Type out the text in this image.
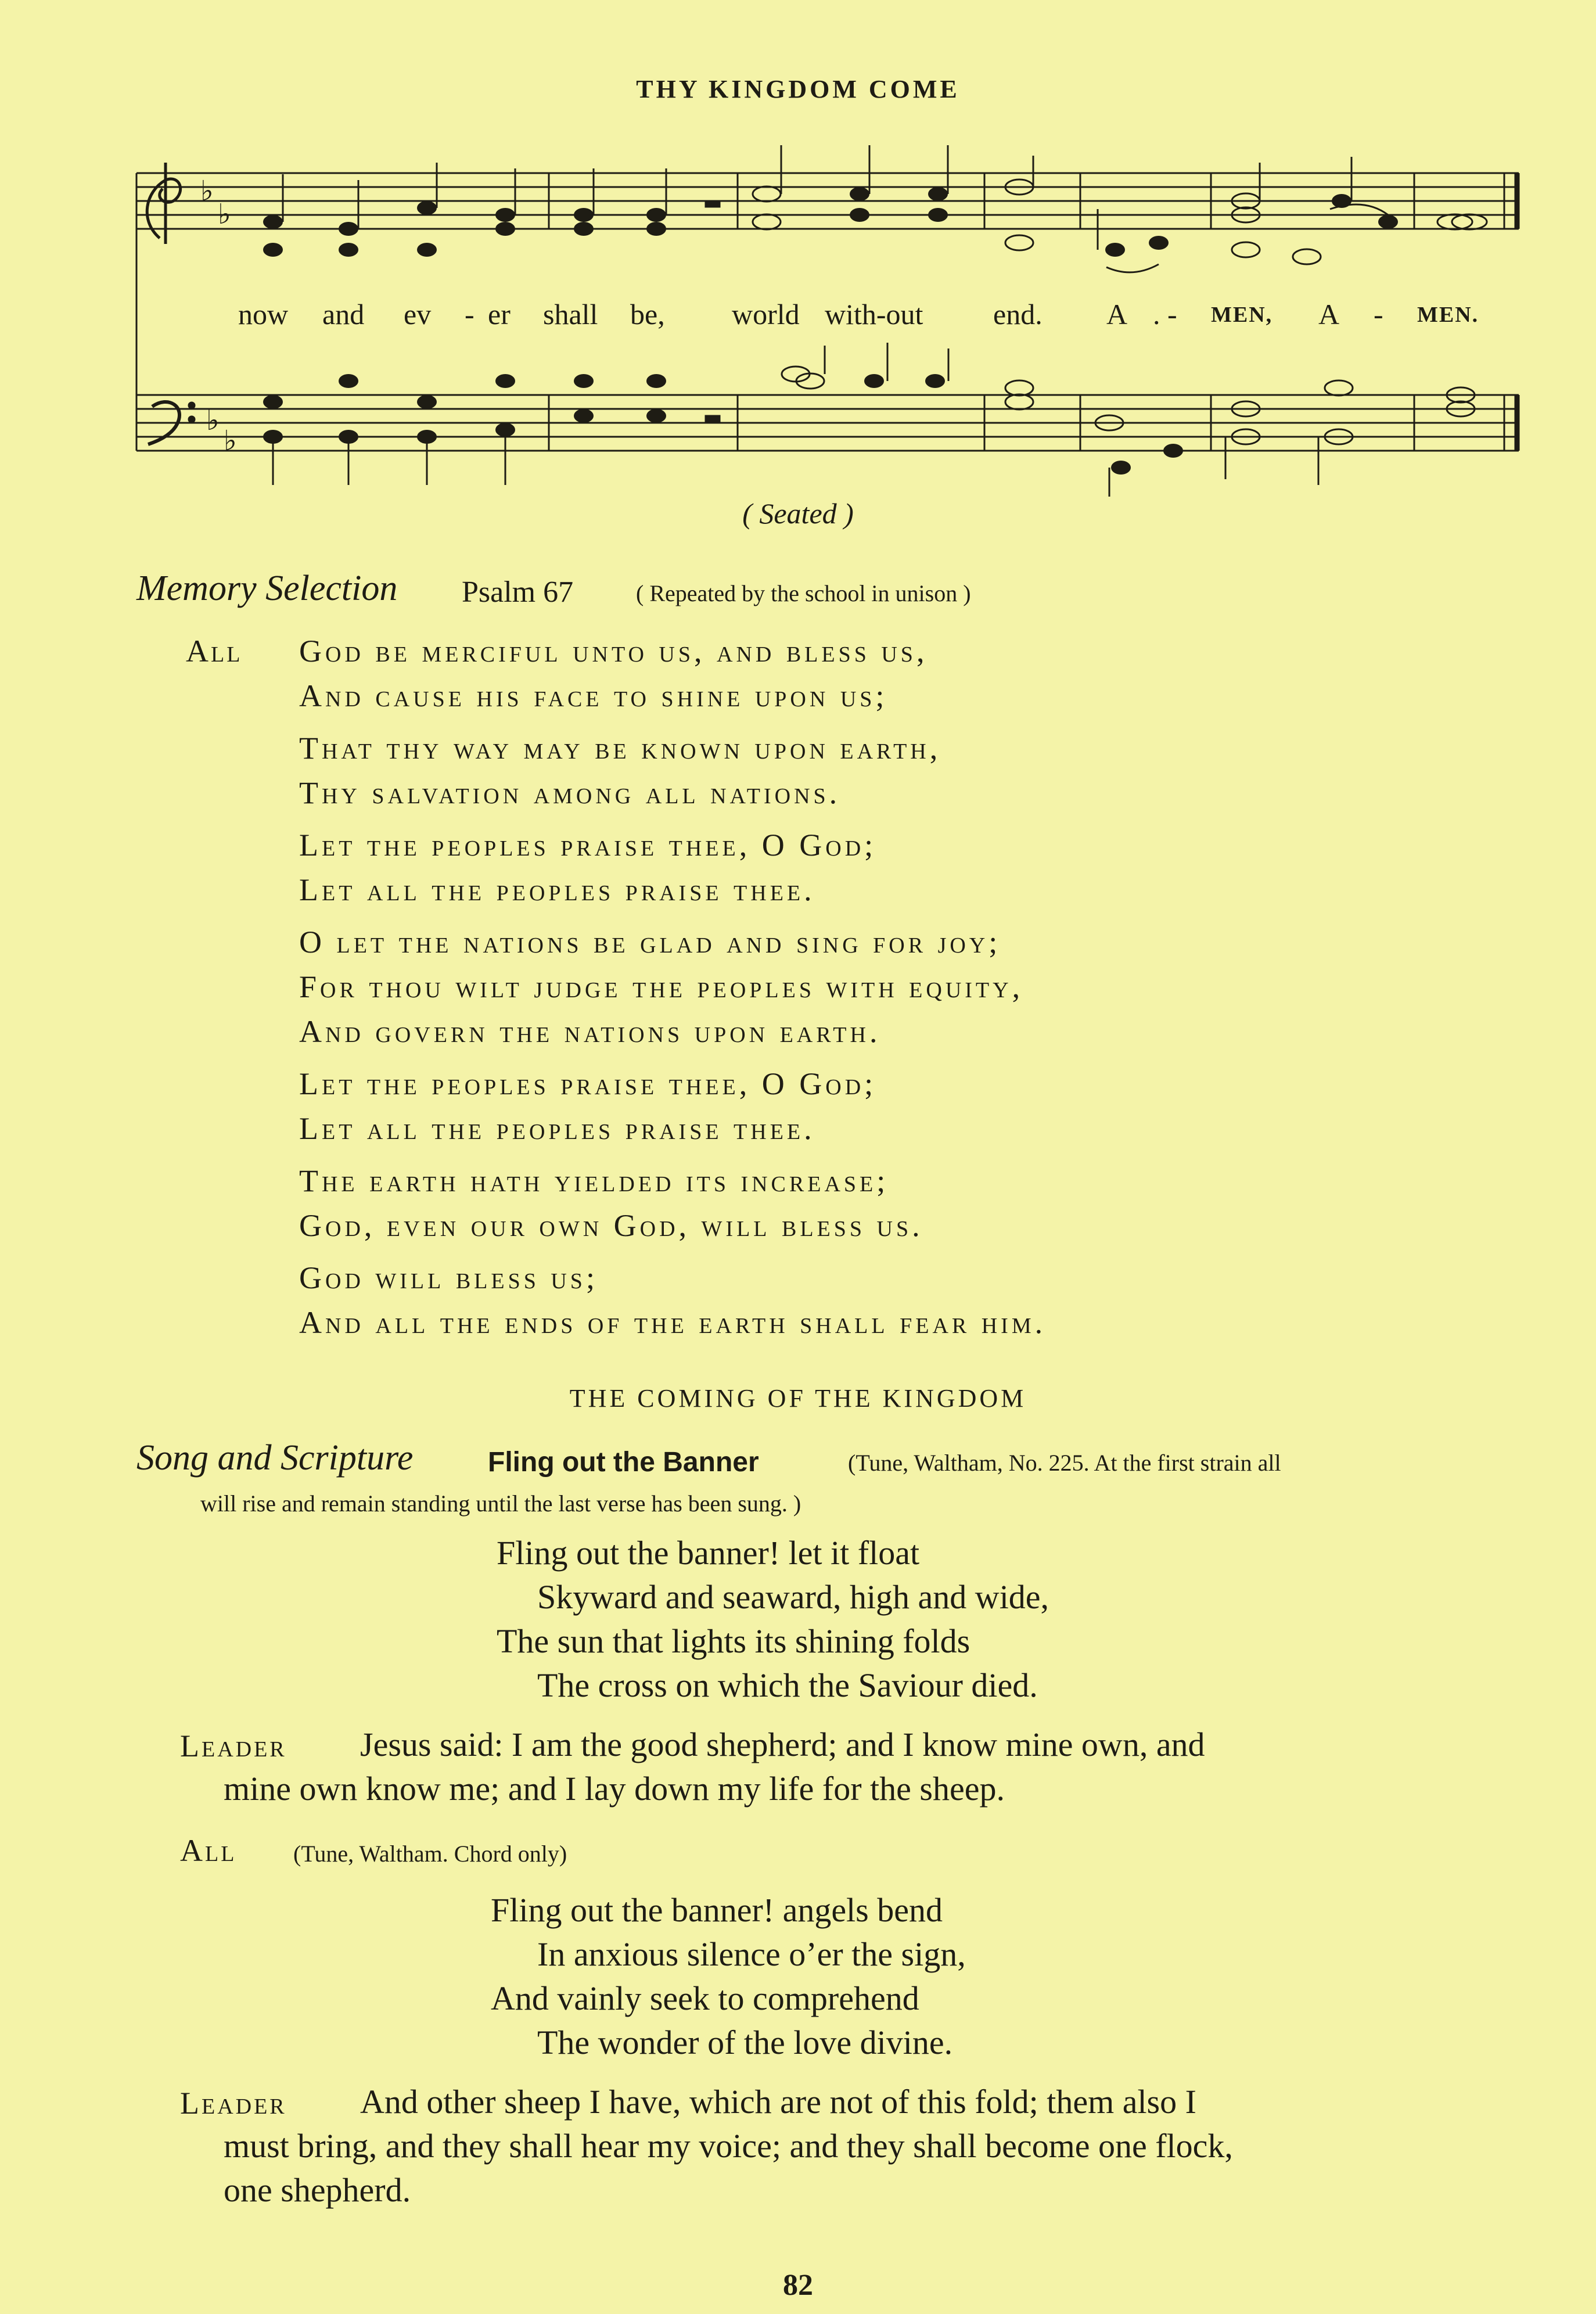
THY KINGDOM COME
♭
♭
♭
♭
now and ev - er shall be, world with-out end. A . - MEN, A - MEN.
( Seated )
Memory Selection Psalm 67	( Repeated by the school in unison )
All God be merciful unto us, and bless us,
And cause his face to shine upon us;
That thy way may be known upon earth,
Thy salvation among all nations.
Let the peoples praise thee, O God;
Let all the peoples praise thee.
O let the nations be glad and sing for joy;
For thou wilt judge the peoples with equity,
And govern the nations upon earth.
Let the peoples praise thee, O God;
Let all the peoples praise thee.
The earth hath yielded its increase;
God, even our own God, will bless us.
God will bless us;
And all the ends of the earth shall fear him.
THE COMING OF THE KINGDOM
Song and Scripture	Fling out the Banner	(Tune, Waltham, No. 225. At the first strain all
will rise and remain standing until the last verse has been sung. )
Fling out the banner! let it float
Skyward and seaward, high and wide,
The sun that lights its shining folds
The cross on which the Saviour died.
Leader Jesus said: I am the good shepherd; and I know mine own, and
mine own know me; and I lay down my life for the sheep.
All (Tune, Waltham. Chord only)
Fling out the banner! angels bend
In anxious silence o’er the sign,
And vainly seek to comprehend
The wonder of the love divine.
Leader And other sheep I have, which are not of this fold; them also I
must bring, and they shall hear my voice; and they shall become one flock,
one shepherd.
82
